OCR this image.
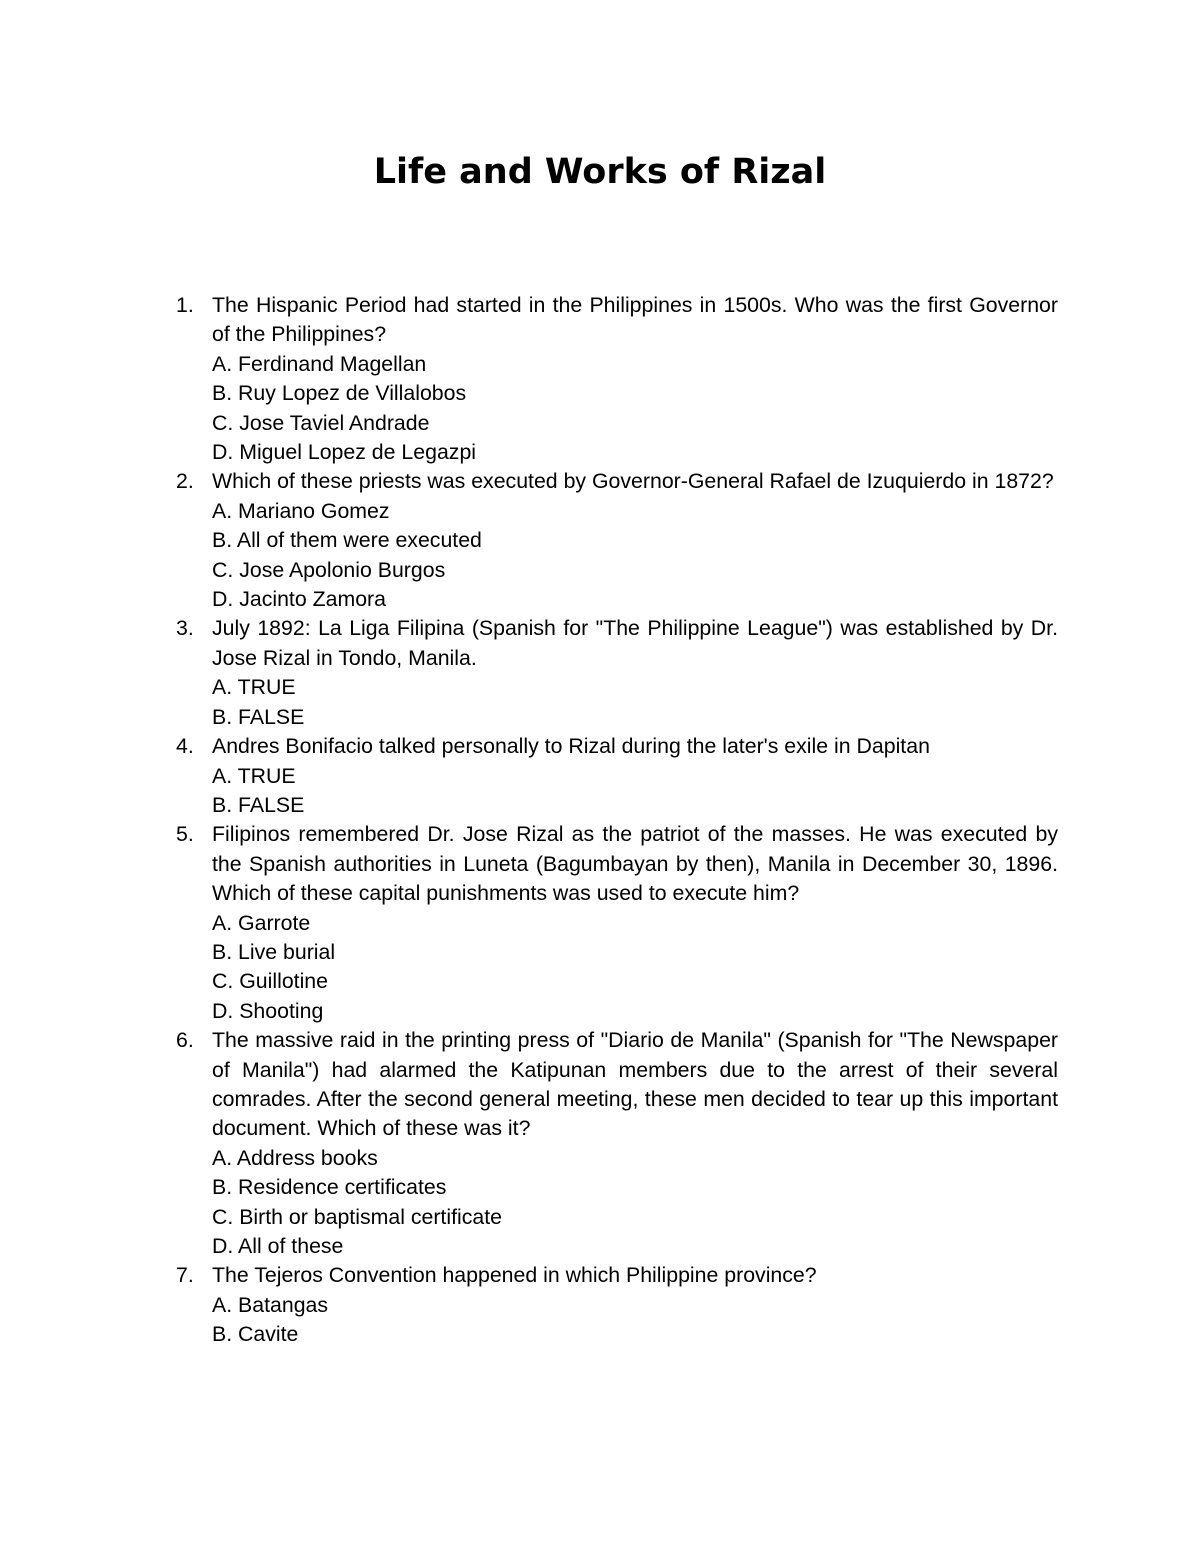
Life and Works of Rizal
1. The Hispanic Period had started in the Philippines in 1500s. Who was the first Governor of the Philippines?
A. Ferdinand Magellan
B. Ruy Lopez de Villalobos
C. Jose Taviel Andrade
D. Miguel Lopez de Legazpi
2. Which of these priests was executed by Governor-General Rafael de Izuquierdo in 1872?
A. Mariano Gomez
B. All of them were executed
C. Jose Apolonio Burgos
D. Jacinto Zamora
3. July 1892: La Liga Filipina (Spanish for "The Philippine League") was established by Dr. Jose Rizal in Tondo, Manila.
A. TRUE
B. FALSE
4. Andres Bonifacio talked personally to Rizal during the later's exile in Dapitan
A. TRUE
B. FALSE
5. Filipinos remembered Dr. Jose Rizal as the patriot of the masses. He was executed by the Spanish authorities in Luneta (Bagumbayan by then), Manila in December 30, 1896. Which of these capital punishments was used to execute him?
A. Garrote
B. Live burial
C. Guillotine
D. Shooting
6. The massive raid in the printing press of "Diario de Manila" (Spanish for "The Newspaper of Manila") had alarmed the Katipunan members due to the arrest of their several comrades. After the second general meeting, these men decided to tear up this important document. Which of these was it?
A. Address books
B. Residence certificates
C. Birth or baptismal certificate
D. All of these
7. The Tejeros Convention happened in which Philippine province?
A. Batangas
B. Cavite
